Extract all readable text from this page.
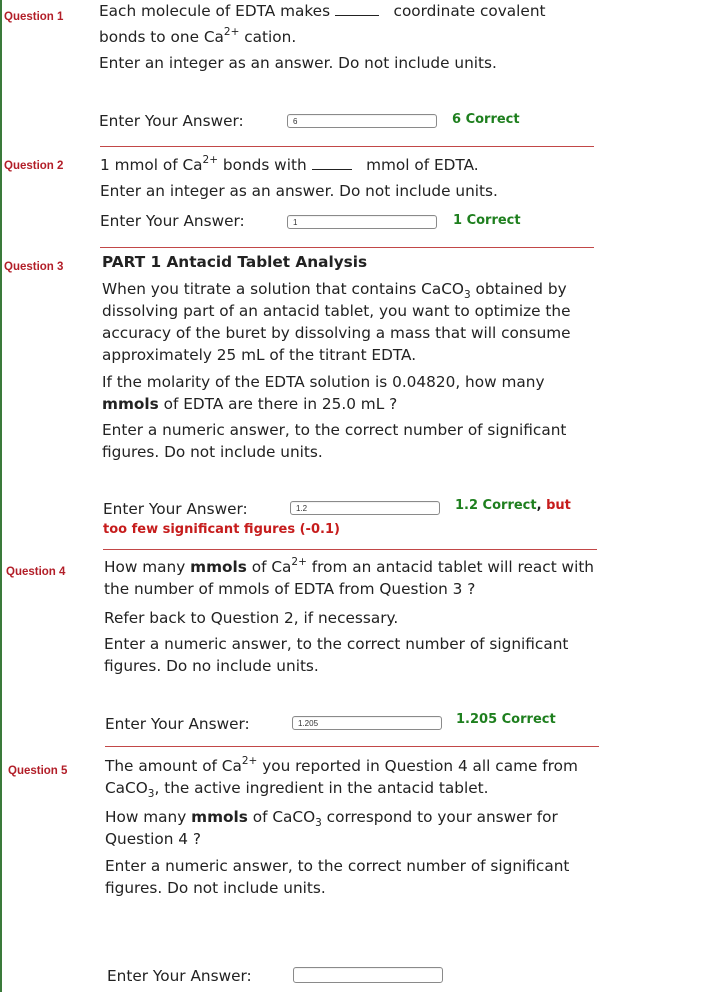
Question 1 Each molecule of EDTA makes	coordinate covalent
bonds to one $Ca^{2+}$ cation.
Enter an integer as an answer. Do not include units.
Enter Your Answer:	6	6 Correct
Question 2 1 mmol of $Ca^{2+}$ bonds with	mmol of EDTA.
Enter an integer as an answer. Do not include units.
Enter Your Answer:	1	1 Correct
Question 3	PART 1 Antacid Tablet Analysis
When you titrate a solution that contains CaCO$_3$ obtained by dissolving part of an antacid tablet, you want to optimize the accuracy of the buret by dissolving a mass that will consume approximately 25 mL of the titrant EDTA.
If the molarity of the EDTA solution is 0.04820, how many
mmols of EDTA are there in 25.0 mL ?
Enter a numeric answer, to the correct number of significant figures. Do not include units.
Enter Your Answer:	1.2	1.2 Correct, but
too few significant figures (-0.1)
Question 4	How many mmols of $Ca^{2+}$ from an antacid tablet will react with the number of mmols of EDTA from Question 3 ?
Refer back to Question 2, if necessary.
Enter a numeric answer, to the correct number of significant figures. Do no include units.
Enter Your Answer:	1.205	1.205 Correct
Question 5 The amount of $Ca^{2+}$ you reported in Question 4 all came from CaCO$_3$, the active ingredient in the antacid tablet.
How many mmols of CaCO$_3$ correspond to your answer for Question 4 ?
Enter a numeric answer, to the correct number of significant figures. Do not include units.
Enter Your Answer:
